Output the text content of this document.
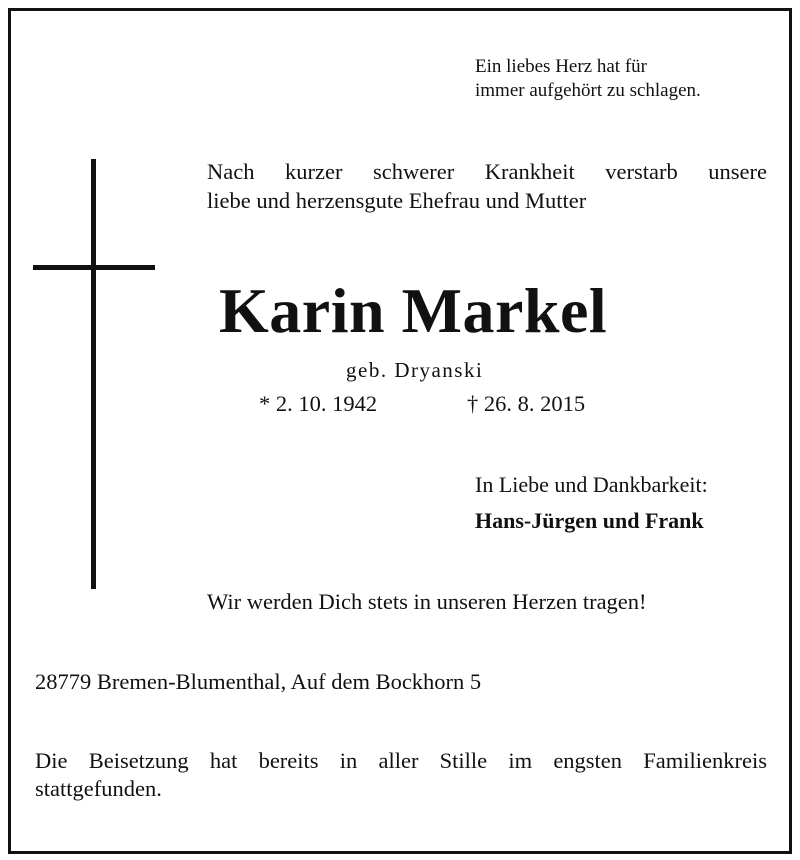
Ein liebes Herz hat für
immer aufgehört zu schlagen.

Nach kurzer schwerer Krankheit verstarb unsere
liebe und herzensgute Ehefrau und Mutter

Karin Markel

geb. Dryanski

* 2. 10. 1942	† 26. 8. 2015

In Liebe und Dankbarkeit:

Hans-Jürgen und Frank

Wir werden Dich stets in unseren Herzen tragen!

28779 Bremen-Blumenthal, Auf dem Bockhorn 5

Die Beisetzung hat bereits in aller Stille im engsten Familienkreis
stattgefunden.
